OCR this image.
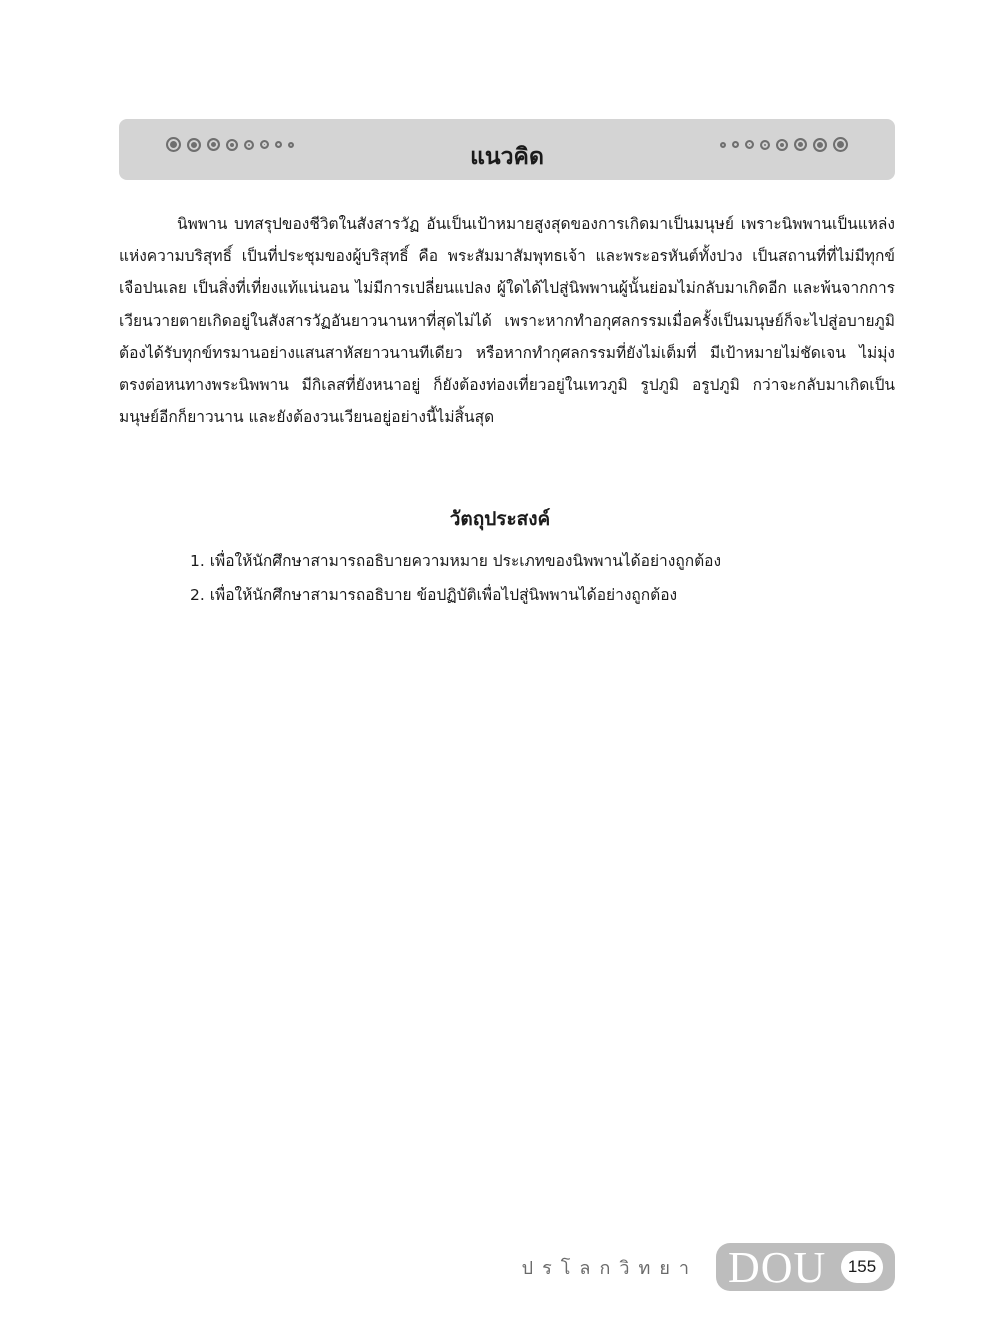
แนวคิด

นิพพาน บทสรุปของชีวิตในสังสารวัฏ อันเป็นเป้าหมายสูงสุดของการเกิดมาเป็นมนุษย์ เพราะนิพพานเป็นแหล่งแห่งความบริสุทธิ์ เป็นที่ประชุมของผู้บริสุทธิ์ คือ พระสัมมาสัมพุทธเจ้า และพระอรหันต์ทั้งปวง เป็นสถานที่ที่ไม่มีทุกข์เจือปนเลย เป็นสิ่งที่เที่ยงแท้แน่นอน ไม่มีการเปลี่ยนแปลง ผู้ใดได้ไปสู่นิพพานผู้นั้นย่อมไม่กลับมาเกิดอีก และพ้นจากการเวียนวายตายเกิดอยู่ในสังสารวัฏอันยาวนานหาที่สุดไม่ได้ เพราะหากทำอกุศลกรรมเมื่อครั้งเป็นมนุษย์ก็จะไปสู่อบายภูมิต้องได้รับทุกข์ทรมานอย่างแสนสาหัสยาวนานทีเดียว หรือหากทำกุศลกรรมที่ยังไม่เต็มที่ มีเป้าหมายไม่ชัดเจน ไม่มุ่งตรงต่อหนทางพระนิพพาน มีกิเลสที่ยังหนาอยู่ ก็ยังต้องท่องเที่ยวอยู่ในเทวภูมิ รูปภูมิ อรูปภูมิ กว่าจะกลับมาเกิดเป็นมนุษย์อีกก็ยาวนาน และยังต้องวนเวียนอยู่อย่างนี้ไม่สิ้นสุด

วัตถุประสงค์
1. เพื่อให้นักศึกษาสามารถอธิบายความหมาย ประเภทของนิพพานได้อย่างถูกต้อง
2. เพื่อให้นักศึกษาสามารถอธิบาย ข้อปฏิบัติเพื่อไปสู่นิพพานได้อย่างถูกต้อง
ปรโลกวิทยา DOU	155
